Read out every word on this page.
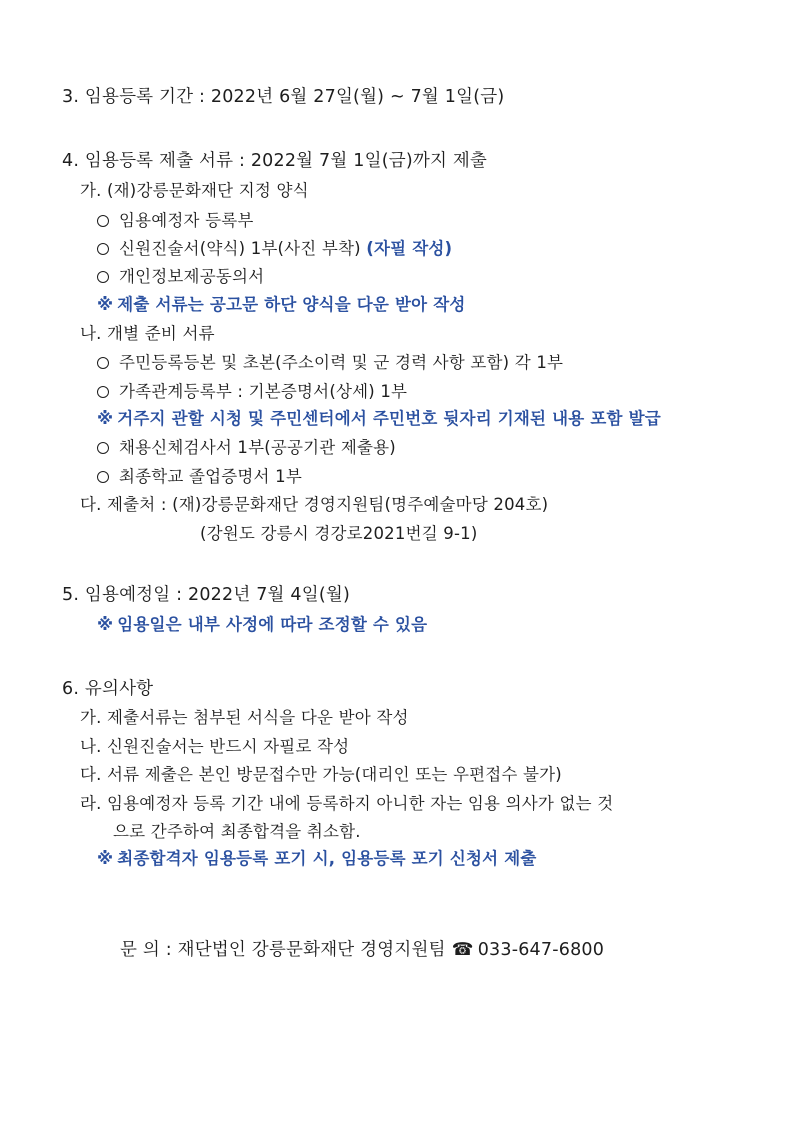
3. 임용등록 기간 : 2022년 6월 27일(월) ~ 7월 1일(금)
4. 임용등록 제출 서류 : 2022월 7월 1일(금)까지 제출
가. (재)강릉문화재단 지정 양식
임용예정자 등록부
신원진술서(약식) 1부(사진 부착) (자필 작성)
개인정보제공동의서
※ 제출 서류는 공고문 하단 양식을 다운 받아 작성
나. 개별 준비 서류
주민등록등본 및 초본(주소이력 및 군 경력 사항 포함) 각 1부
가족관계등록부 : 기본증명서(상세) 1부
※ 거주지 관할 시청 및 주민센터에서 주민번호 뒷자리 기재된 내용 포함 발급
채용신체검사서 1부(공공기관 제출용)
최종학교 졸업증명서 1부
다. 제출처 : (재)강릉문화재단 경영지원팀(명주예술마당 204호)
(강원도 강릉시 경강로2021번길 9-1)
5. 임용예정일 : 2022년 7월 4일(월)
※ 임용일은 내부 사정에 따라 조정할 수 있음
6. 유의사항
가. 제출서류는 첨부된 서식을 다운 받아 작성
나. 신원진술서는 반드시 자필로 작성
다. 서류 제출은 본인 방문접수만 가능(대리인 또는 우편접수 불가)
라. 임용예정자 등록 기간 내에 등록하지 아니한 자는 임용 의사가 없는 것
으로 간주하여 최종합격을 취소함.
※ 최종합격자 임용등록 포기 시, 임용등록 포기 신청서 제출
문 의 : 재단법인 강릉문화재단 경영지원팀 ☎ 033-647-6800
